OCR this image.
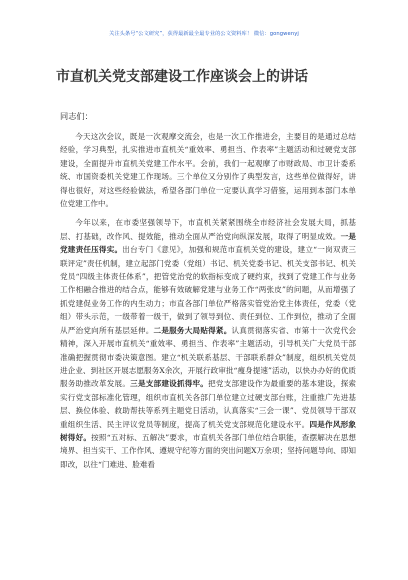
关注头条号“公文研究”，获得最新最全最专业的公文资料库！ 微信：gongwenyj
市直机关党支部建设工作座谈会上的讲话
同志们：

今天这次会议，既是一次观摩交流会，也是一次工作推进会，主要目的是通过总结经验，学习典型，扎实推进市直机关“重效率、勇担当、作表率”主题活动和过硬党支部建设，全面提升市直机关党建工作水平。会前，我们一起观摩了市财政局、市卫计委系统、市国资委机关党建工作现场。三个单位又分别作了典型发言，这些单位做得好，讲得也很好，对这些经验做法，希望各部门单位一定要认真学习借鉴，运用到本部门本单位党建工作中。

今年以来，在市委坚强领导下，市直机关紧紧围绕全市经济社会发展大局，抓基层、打基础，改作风、提效能，推动全面从严治党向纵深发展，取得了明显成效。一是党建责任压得实。出台专门《意见》，加强和规范市直机关党的建设，建立“一岗双责三联评定”责任机制，建立起部门党委（党组）书记、机关党委书记、机关支部书记、机关党员“四级主体责任体系”，把管党治党的软指标变成了硬约束，找到了党建工作与业务工作相融合推进的结合点，能够有效破解党建与业务工作“两张皮”的问题，从而增强了抓党建促业务工作的内生动力；市直各部门单位严格落实管党治党主体责任，党委（党组）带头示范，一级带着一级干，做到了领导到位、责任到位、工作到位，推动了全面从严治党向所有基层延伸。二是服务大局贴得紧。认真贯彻落实省、市第十一次党代会精神，深入开展市直机关“重效率、勇担当、作表率”主题活动，引导机关广大党员干部准确把握贯彻市委决策意图。建立“机关联系基层、干部联系群众”制度，组织机关党员进企业、到社区开展志愿服务X余次，开展行政审批“瘦身提速”活动，以快办办好的优质服务助推改革发展。三是支部建设抓得牢。把党支部建设作为最重要的基本建设，探索实行党支部标准化管理，组织市直机关各部门单位建立过硬支部台账，注重推广先进基层、换位体验、救助帮扶等系列主题党日活动，认真落实“三会一课”、党员领导干部双重组织生活、民主评议党员等制度，提高了机关党支部规范化建设水平。四是作风形象树得好。按照“五对标、五解决”要求，市直机关各部门单位结合职能，查摆解决在思想境界、担当实干、工作作风、遵规守纪等方面的突出问题X万余项；坚持问题导向、即知即改，以往“门难进、脸难看
